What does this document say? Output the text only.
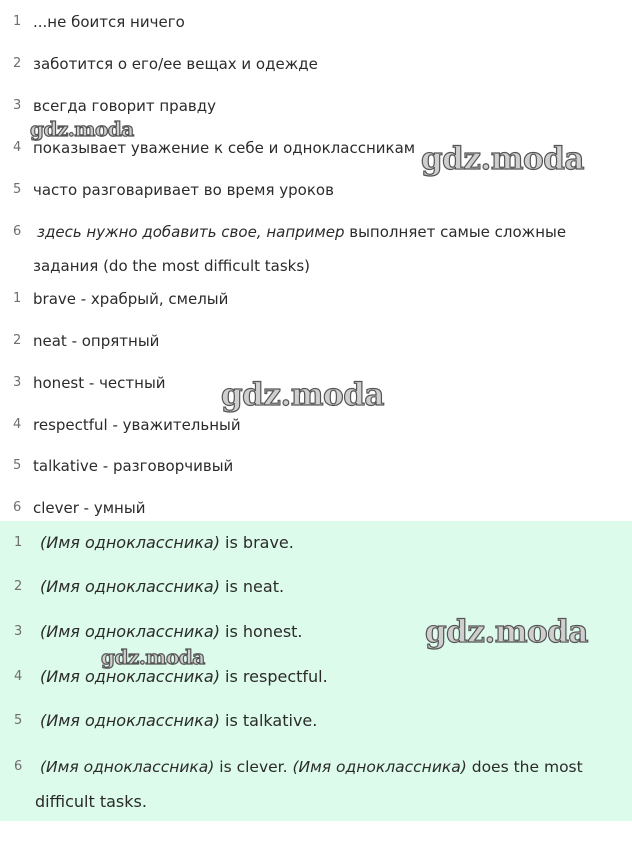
1 ...не боится ничего
2 заботится о его/ее вещах и одежде
3 всегда говорит правду
4 показывает уважение к себе и одноклассникам
5 часто разговаривает во время уроков
6 здесь нужно добавить свое, например выполняет самые сложные
задания (do the most difficult tasks)
1 brave - храбрый, смелый
2 neat - опрятный
3 honest - честный
4 respectful - уважительный
5 talkative - разговорчивый
6 clever - умный
1 (Имя одноклассника) is brave.
2 (Имя одноклассника) is neat.
3 (Имя одноклассника) is honest.
4 (Имя одноклассника) is respectful.
5 (Имя одноклассника) is talkative.
6 (Имя одноклассника) is clever. (Имя одноклассника) does the most
difficult tasks.
gdz.moda
gdz.moda
gdz.moda
gdz.moda
gdz.moda
